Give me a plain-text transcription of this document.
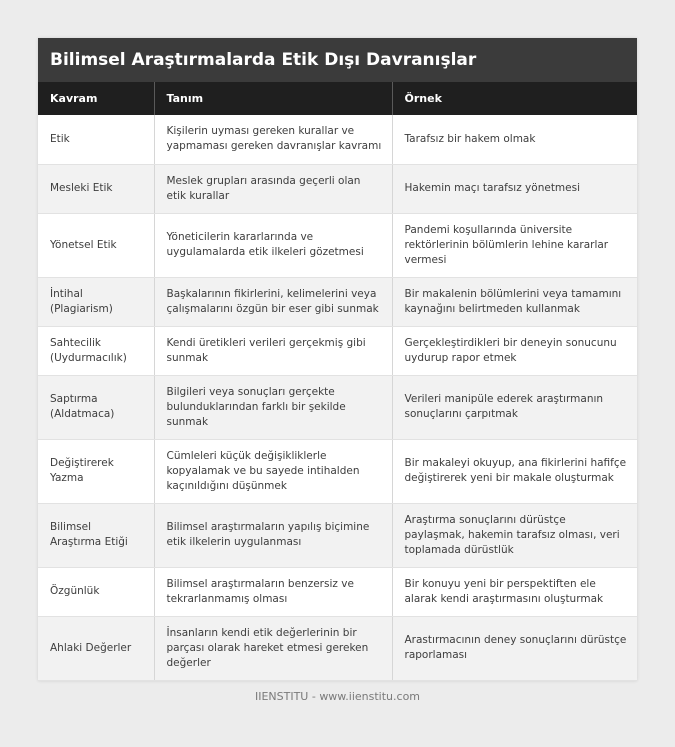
Bilimsel Araştırmalarda Etik Dışı Davranışlar
Kavram	Tanım	Örnek
Etik	Kişilerin uyması gereken kurallar ve yapmaması gereken davranışlar kavramı	Tarafsız bir hakem olmak
Mesleki Etik	Meslek grupları arasında geçerli olan etik kurallar	Hakemin maçı tarafsız yönetmesi
Yönetsel Etik	Yöneticilerin kararlarında ve uygulamalarda etik ilkeleri gözetmesi	Pandemi koşullarında üniversite rektörlerinin bölümlerin lehine kararlar vermesi
İntihal (Plagiarism)	Başkalarının fikirlerini, kelimelerini veya çalışmalarını özgün bir eser gibi sunmak	Bir makalenin bölümlerini veya tamamını kaynağını belirtmeden kullanmak
Sahtecilik (Uydurmacılık)	Kendi üretikleri verileri gerçekmiş gibi sunmak	Gerçekleştirdikleri bir deneyin sonucunu uydurup rapor etmek
Saptırma (Aldatmaca)	Bilgileri veya sonuçları gerçekte bulunduklarından farklı bir şekilde sunmak	Verileri manipüle ederek araştırmanın sonuçlarını çarpıtmak
Değiştirerek Yazma	Cümleleri küçük değişikliklerle kopyalamak ve bu sayede intihalden kaçınıldığını düşünmek	Bir makaleyi okuyup, ana fikirlerini hafifçe değiştirerek yeni bir makale oluşturmak
Bilimsel Araştırma Etiği	Bilimsel araştırmaların yapılış biçimine etik ilkelerin uygulanması	Araştırma sonuçlarını dürüstçe paylaşmak, hakemin tarafsız olması, veri toplamada dürüstlük
Özgünlük	Bilimsel araştırmaların benzersiz ve tekrarlanmamış olması	Bir konuyu yeni bir perspektiften ele alarak kendi araştırmasını oluşturmak
Ahlaki Değerler	İnsanların kendi etik değerlerinin bir parçası olarak hareket etmesi gereken değerler	Arastırmacının deney sonuçlarını dürüstçe raporlaması
IIENSTITU - www.iienstitu.com
